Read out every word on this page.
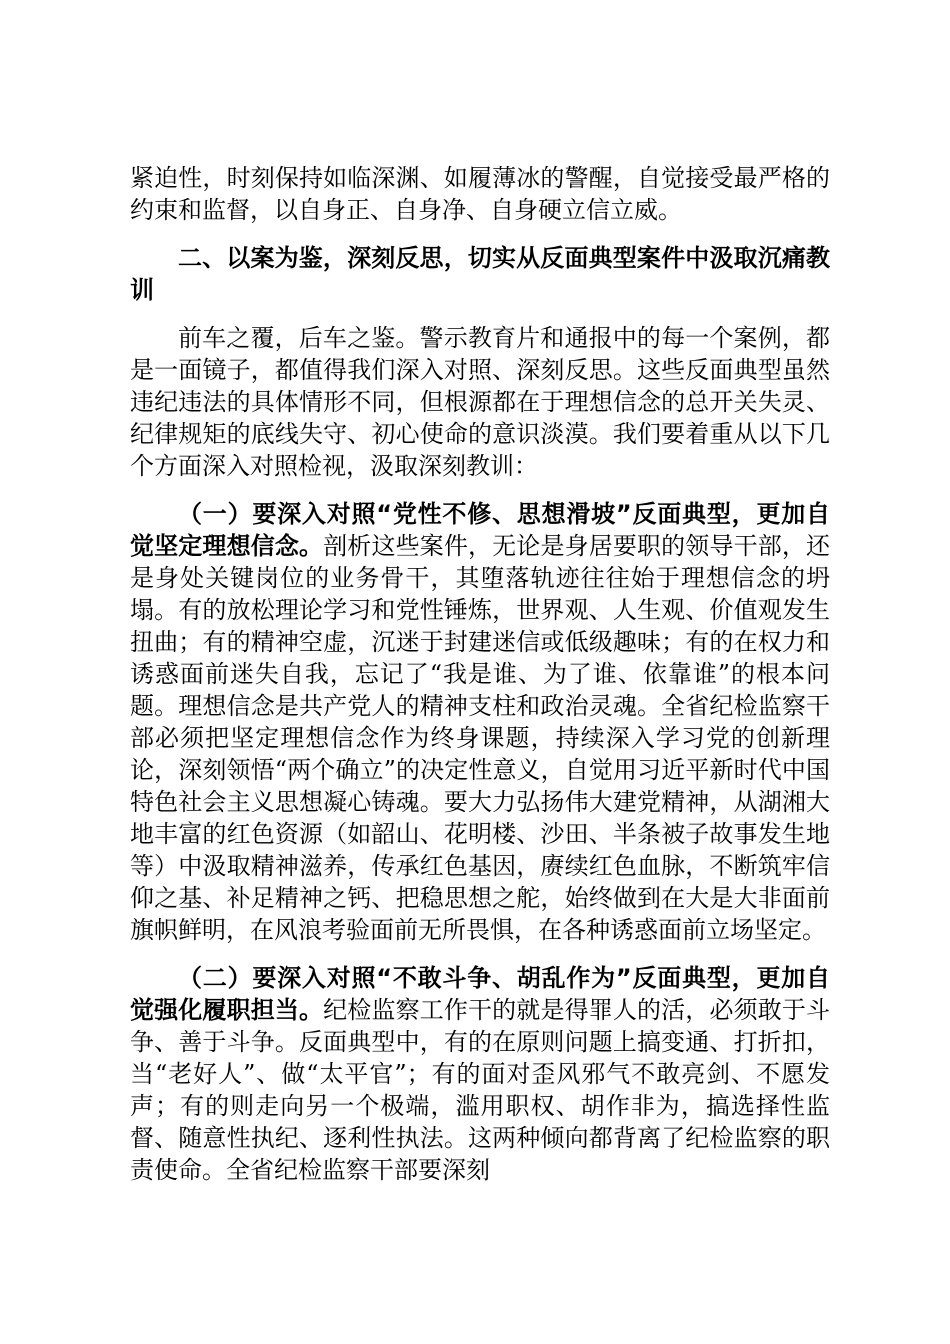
紧迫性，时刻保持如临深渊、如履薄冰的警醒，自觉接受最严格的约束和监督，以自身正、自身净、自身硬立信立威。

二、以案为鉴，深刻反思，切实从反面典型案件中汲取沉痛教训

前车之覆，后车之鉴。警示教育片和通报中的每一个案例，都是一面镜子，都值得我们深入对照、深刻反思。这些反面典型虽然违纪违法的具体情形不同，但根源都在于理想信念的总开关失灵、纪律规矩的底线失守、初心使命的意识淡漠。我们要着重从以下几个方面深入对照检视，汲取深刻教训：

（一）要深入对照“党性不修、思想滑坡”反面典型，更加自觉坚定理想信念。剖析这些案件，无论是身居要职的领导干部，还是身处关键岗位的业务骨干，其堕落轨迹往往始于理想信念的坍塌。有的放松理论学习和党性锤炼，世界观、人生观、价值观发生扭曲；有的精神空虚，沉迷于封建迷信或低级趣味；有的在权力和诱惑面前迷失自我，忘记了“我是谁、为了谁、依靠谁”的根本问题。理想信念是共产党人的精神支柱和政治灵魂。全省纪检监察干部必须把坚定理想信念作为终身课题，持续深入学习党的创新理论，深刻领悟“两个确立”的决定性意义，自觉用习近平新时代中国特色社会主义思想凝心铸魂。要大力弘扬伟大建党精神，从湖湘大地丰富的红色资源（如韶山、花明楼、沙田、半条被子故事发生地等）中汲取精神滋养，传承红色基因，赓续红色血脉，不断筑牢信仰之基、补足精神之钙、把稳思想之舵，始终做到在大是大非面前旗帜鲜明，在风浪考验面前无所畏惧，在各种诱惑面前立场坚定。

（二）要深入对照“不敢斗争、胡乱作为”反面典型，更加自觉强化履职担当。纪检监察工作干的就是得罪人的活，必须敢于斗争、善于斗争。反面典型中，有的在原则问题上搞变通、打折扣，当“老好人”、做“太平官”；有的面对歪风邪气不敢亮剑、不愿发声；有的则走向另一个极端，滥用职权、胡作非为，搞选择性监督、随意性执纪、逐利性执法。这两种倾向都背离了纪检监察的职责使命。全省纪检监察干部要深刻
